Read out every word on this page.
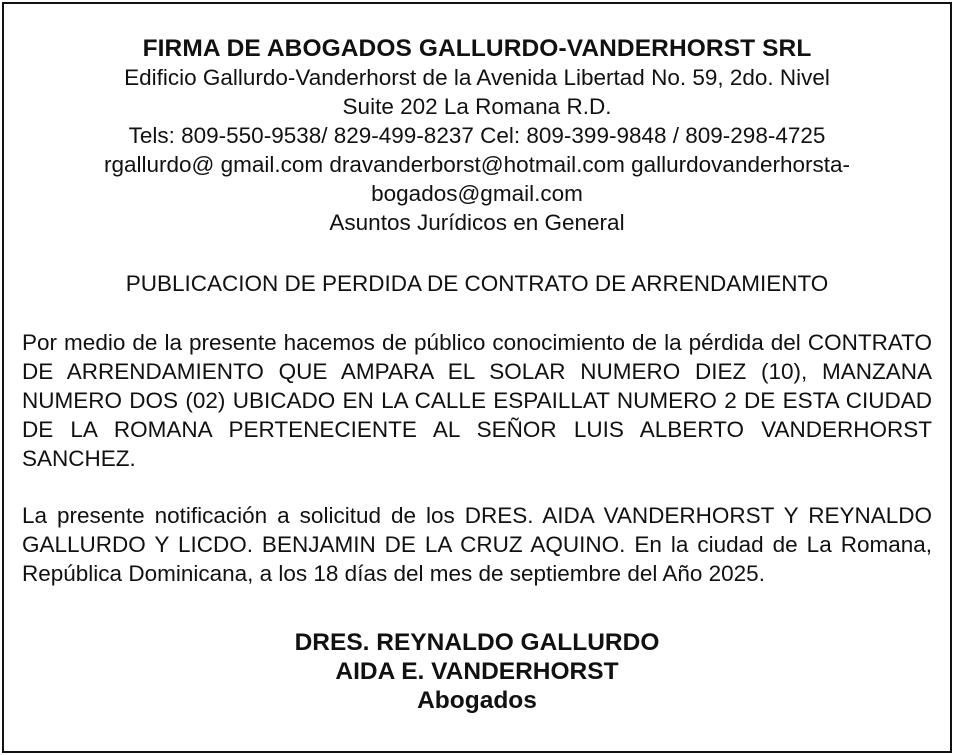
FIRMA DE ABOGADOS GALLURDO-VANDERHORST SRL
Edificio Gallurdo-Vanderhorst de la Avenida Libertad No. 59, 2do. Nivel
Suite 202 La Romana R.D.
Tels: 809-550-9538/ 829-499-8237 Cel: 809-399-9848 / 809-298-4725
rgallurdo@ gmail.com dravanderborst@hotmail.com gallurdovanderhorsta-
bogados@gmail.com
Asuntos Jurídicos en General
PUBLICACION DE PERDIDA DE CONTRATO DE ARRENDAMIENTO

Por medio de la presente hacemos de público conocimiento de la pérdida del CONTRATO DE ARRENDAMIENTO QUE AMPARA EL SOLAR NUMERO DIEZ (10), MANZANA NUMERO DOS (02) UBICADO EN LA CALLE ESPAILLAT NUMERO 2 DE ESTA CIUDAD DE LA ROMANA PERTENECIENTE AL SEÑOR LUIS ALBERTO VANDERHORST SANCHEZ.

La presente notificación a solicitud de los DRES. AIDA VANDERHORST Y REYNALDO GALLURDO Y LICDO. BENJAMIN DE LA CRUZ AQUINO. En la ciudad de La Romana, República Dominicana, a los 18 días del mes de septiembre del Año 2025.

DRES. REYNALDO GALLURDO
AIDA E. VANDERHORST
Abogados
